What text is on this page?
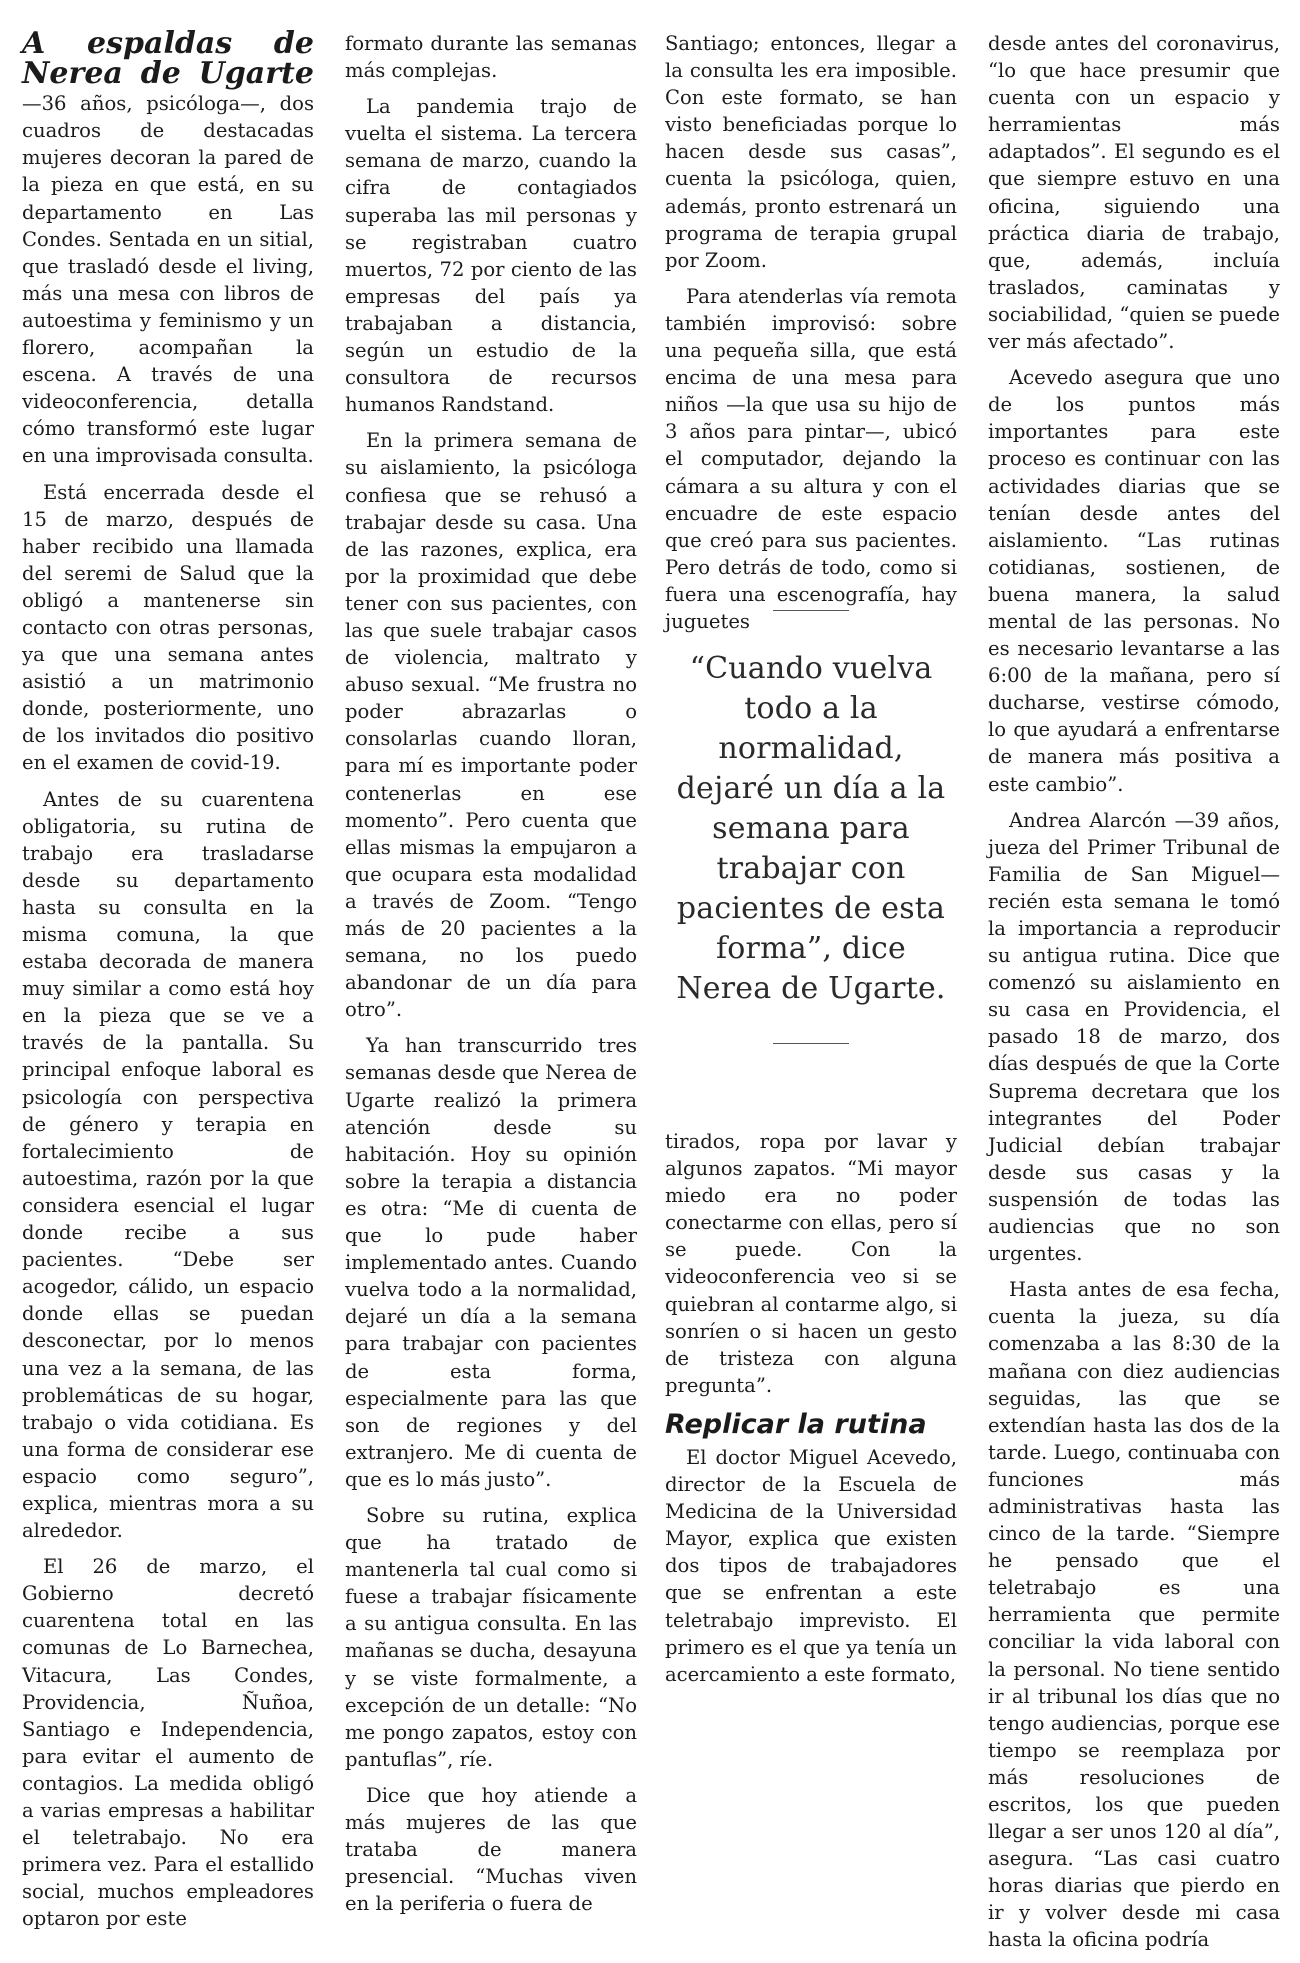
A espaldas de Nerea de Ugarte —36 años, psicóloga—, dos cuadros de destacadas mujeres decoran la pared de la pieza en que está, en su departamento en Las Condes. Sentada en un sitial, que trasladó desde el living, más una mesa con libros de autoestima y feminismo y un florero, acompañan la escena. A través de una videoconferencia, detalla cómo transformó este lugar en una improvisada consulta.

Está encerrada desde el 15 de marzo, después de haber recibido una llamada del seremi de Salud que la obligó a mantenerse sin contacto con otras personas, ya que una semana antes asistió a un matrimonio donde, posteriormente, uno de los invitados dio positivo en el examen de covid-19.

Antes de su cuarentena obligatoria, su rutina de trabajo era trasladarse desde su departamento hasta su consulta en la misma comuna, la que estaba decorada de manera muy similar a como está hoy en la pieza que se ve a través de la pantalla. Su principal enfoque laboral es psicología con perspectiva de género y terapia en fortalecimiento de autoestima, razón por la que considera esencial el lugar donde recibe a sus pacientes. “Debe ser acogedor, cálido, un espacio donde ellas se puedan desconectar, por lo menos una vez a la semana, de las problemáticas de su hogar, trabajo o vida cotidiana. Es una forma de considerar ese espacio como seguro”, explica, mientras mora a su alrededor.

El 26 de marzo, el Gobierno decretó cuarentena total en las comunas de Lo Barnechea, Vitacura, Las Condes, Providencia, Ñuñoa, Santiago e Independencia, para evitar el aumento de contagios. La medida obligó a varias empresas a habilitar el teletrabajo. No era primera vez. Para el estallido social, muchos empleadores optaron por este

formato durante las semanas más complejas.

La pandemia trajo de vuelta el sistema. La tercera semana de marzo, cuando la cifra de contagiados superaba las mil personas y se registraban cuatro muertos, 72 por ciento de las empresas del país ya trabajaban a distancia, según un estudio de la consultora de recursos humanos Randstand.

En la primera semana de su aislamiento, la psicóloga confiesa que se rehusó a trabajar desde su casa. Una de las razones, explica, era por la proximidad que debe tener con sus pacientes, con las que suele trabajar casos de violencia, maltrato y abuso sexual. “Me frustra no poder abrazarlas o consolarlas cuando lloran, para mí es importante poder contenerlas en ese momento”. Pero cuenta que ellas mismas la empujaron a que ocupara esta modalidad a través de Zoom. “Tengo más de 20 pacientes a la semana, no los puedo abandonar de un día para otro”.

Ya han transcurrido tres semanas desde que Nerea de Ugarte realizó la primera atención desde su habitación. Hoy su opinión sobre la terapia a distancia es otra: “Me di cuenta de que lo pude haber implementado antes. Cuando vuelva todo a la normalidad, dejaré un día a la semana para trabajar con pacientes de esta forma, especialmente para las que son de regiones y del extranjero. Me di cuenta de que es lo más justo”.

Sobre su rutina, explica que ha tratado de mantenerla tal cual como si fuese a trabajar físicamente a su antigua consulta. En las mañanas se ducha, desayuna y se viste formalmente, a excepción de un detalle: “No me pongo zapatos, estoy con pantuflas”, ríe.

Dice que hoy atiende a más mujeres de las que trataba de manera presencial. “Muchas viven en la periferia o fuera de

Santiago; entonces, llegar a la consulta les era imposible. Con este formato, se han visto beneficiadas porque lo hacen desde sus casas”, cuenta la psicóloga, quien, además, pronto estrenará un programa de terapia grupal por Zoom.

Para atenderlas vía remota también improvisó: sobre una pequeña silla, que está encima de una mesa para niños —la que usa su hijo de 3 años para pintar—, ubicó el computador, dejando la cámara a su altura y con el encuadre de este espacio que creó para sus pacientes. Pero detrás de todo, como si fuera una escenografía, hay juguetes

“Cuando vuelva todo a la normalidad, dejaré un día a la semana para trabajar con pacientes de esta forma”, dice Nerea de Ugarte.

tirados, ropa por lavar y algunos zapatos. “Mi mayor miedo era no poder conectarme con ellas, pero sí se puede. Con la videoconferencia veo si se quiebran al contarme algo, si sonríen o si hacen un gesto de tristeza con alguna pregunta”.

Replicar la rutina

El doctor Miguel Acevedo, director de la Escuela de Medicina de la Universidad Mayor, explica que existen dos tipos de trabajadores que se enfrentan a este teletrabajo imprevisto. El primero es el que ya tenía un acercamiento a este formato,

desde antes del coronavirus, “lo que hace presumir que cuenta con un espacio y herramientas más adaptados”. El segundo es el que siempre estuvo en una oficina, siguiendo una práctica diaria de trabajo, que, además, incluía traslados, caminatas y sociabilidad, “quien se puede ver más afectado”.

Acevedo asegura que uno de los puntos más importantes para este proceso es continuar con las actividades diarias que se tenían desde antes del aislamiento. “Las rutinas cotidianas, sostienen, de buena manera, la salud mental de las personas. No es necesario levantarse a las 6:00 de la mañana, pero sí ducharse, vestirse cómodo, lo que ayudará a enfrentarse de manera más positiva a este cambio”.

Andrea Alarcón —39 años, jueza del Primer Tribunal de Familia de San Miguel— recién esta semana le tomó la importancia a reproducir su antigua rutina. Dice que comenzó su aislamiento en su casa en Providencia, el pasado 18 de marzo, dos días después de que la Corte Suprema decretara que los integrantes del Poder Judicial debían trabajar desde sus casas y la suspensión de todas las audiencias que no son urgentes.

Hasta antes de esa fecha, cuenta la jueza, su día comenzaba a las 8:30 de la mañana con diez audiencias seguidas, las que se extendían hasta las dos de la tarde. Luego, continuaba con funciones más administrativas hasta las cinco de la tarde. “Siempre he pensado que el teletrabajo es una herramienta que permite conciliar la vida laboral con la personal. No tiene sentido ir al tribunal los días que no tengo audiencias, porque ese tiempo se reemplaza por más resoluciones de escritos, los que pueden llegar a ser unos 120 al día”, asegura. “Las casi cuatro horas diarias que pierdo en ir y volver desde mi casa hasta la oficina podría
